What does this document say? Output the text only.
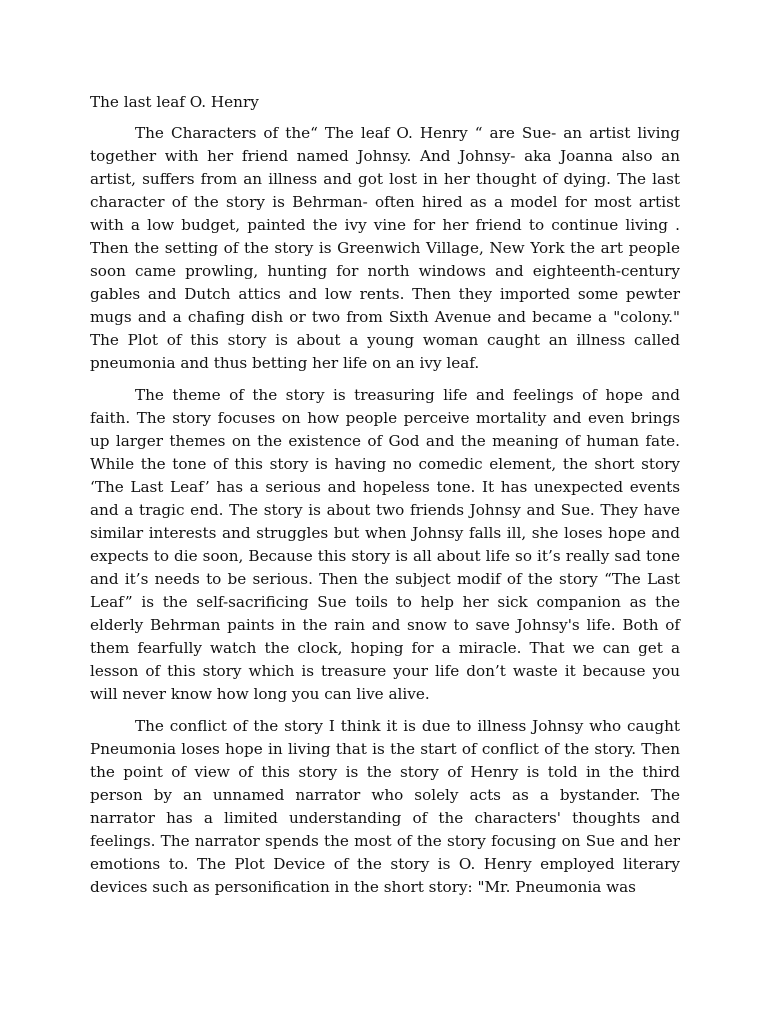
The last leaf O. Henry

The Characters of the“ The leaf O. Henry “ are Sue- an artist living together with her friend named Johnsy. And Johnsy- aka Joanna also an artist, suffers from an illness and got lost in her thought of dying. The last character of the story is Behrman- often hired as a model for most artist with a low budget, painted the ivy vine for her friend to continue living . Then the setting of the story is Greenwich Village, New York the art people soon came prowling, hunting for north windows and eighteenth-century gables and Dutch attics and low rents. Then they imported some pewter mugs and a chafing dish or two from Sixth Avenue and became a "colony." The Plot of this story is about a young woman caught an illness called pneumonia and thus betting her life on an ivy leaf.

The theme of the story is treasuring life and feelings of hope and faith. The story focuses on how people perceive mortality and even brings up larger themes on the existence of God and the meaning of human fate. While the tone of this story is having no comedic element, the short story ‘The Last Leaf’ has a serious and hopeless tone. It has unexpected events and a tragic end. The story is about two friends Johnsy and Sue. They have similar interests and struggles but when Johnsy falls ill, she loses hope and expects to die soon, Because this story is all about life so it’s really sad tone and it’s needs to be serious. Then the subject modif of the story “The Last Leaf” is the self-sacrificing Sue toils to help her sick companion as the elderly Behrman paints in the rain and snow to save Johnsy's life. Both of them fearfully watch the clock, hoping for a miracle. That we can get a lesson of this story which is treasure your life don’t waste it because you will never know how long you can live alive.

The conflict of the story I think it is due to illness Johnsy who caught Pneumonia loses hope in living that is the start of conflict of the story. Then the point of view of this story is the story of Henry is told in the third person by an unnamed narrator who solely acts as a bystander. The narrator has a limited understanding of the characters' thoughts and feelings. The narrator spends the most of the story focusing on Sue and her emotions to. The Plot Device of the story is O. Henry employed literary devices such as personification in the short story: "Mr. Pneumonia was
